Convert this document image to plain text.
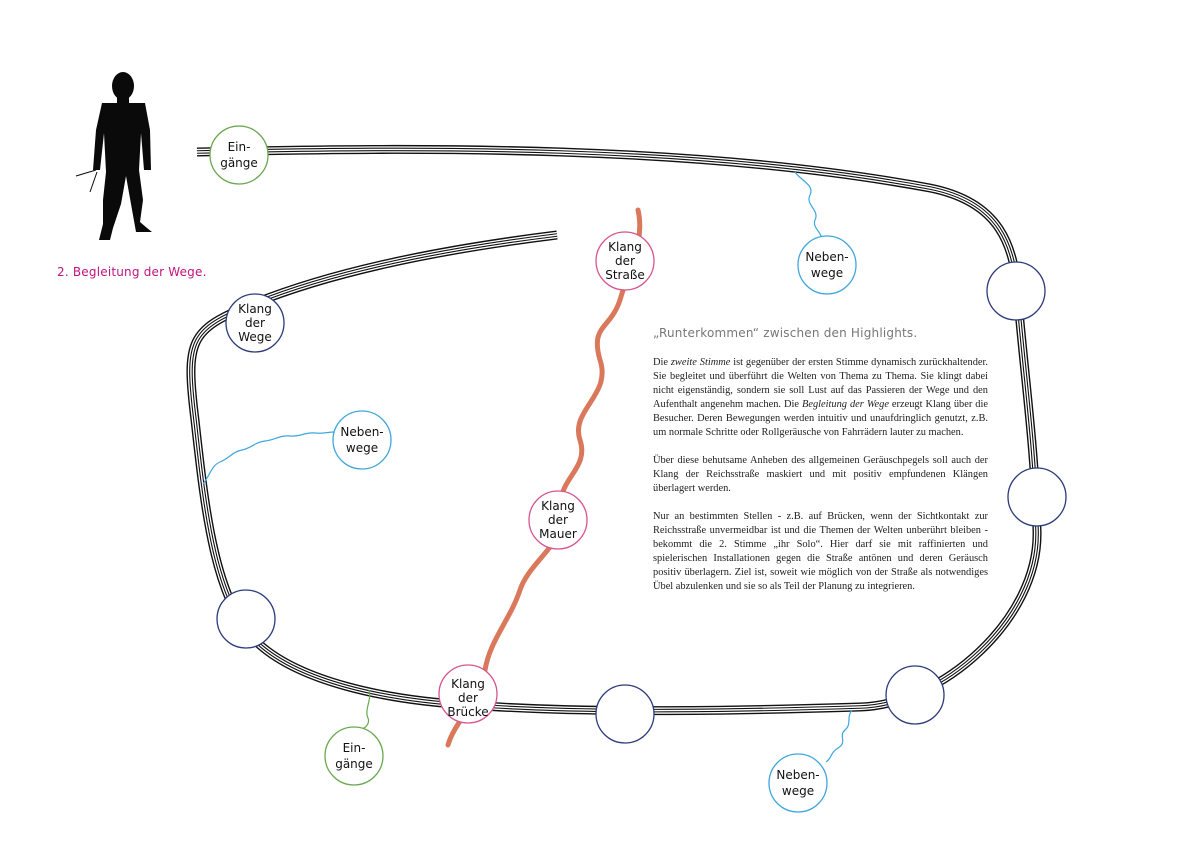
Ein-
gänge
Neben-
wege
Klang
der
Straße
Klang
der
Wege
Neben-
wege
Klang
der
Mauer
Klang
der
Brücke
Ein-
gänge
Neben-
wege
2. Begleitung der Wege.
„Runterkommen“ zwischen den Highlights.

Die zweite Stimme ist gegenüber der ersten Stimme dynamisch zurückhaltender. Sie begleitet und überführt die Welten von Thema zu Thema. Sie klingt dabei nicht eigenständig, sondern sie soll Lust auf das Passieren der Wege und den Aufenthalt angenehm machen. Die Begleitung der Wege erzeugt Klang über die Besucher. Deren Bewegungen werden intuitiv und unaufdringlich genutzt, z.B. um normale Schritte oder Rollgeräusche von Fahrrädern lauter zu machen.

Über diese behutsame Anheben des allgemeinen Geräuschpegels soll auch der Klang der Reichsstraße maskiert und mit positiv empfundenen Klängen überlagert werden.

Nur an bestimmten Stellen - z.B. auf Brücken, wenn der Sichtkontakt zur Reichsstraße unvermeidbar ist und die Themen der Welten unberührt bleiben - bekommt die 2. Stimme „ihr Solo“. Hier darf sie mit raffinierten und spielerischen Installationen gegen die Straße antönen und deren Geräusch positiv überlagern. Ziel ist, soweit wie möglich von der Straße als notwendiges Übel abzulenken und sie so als Teil der Planung zu integrieren.
